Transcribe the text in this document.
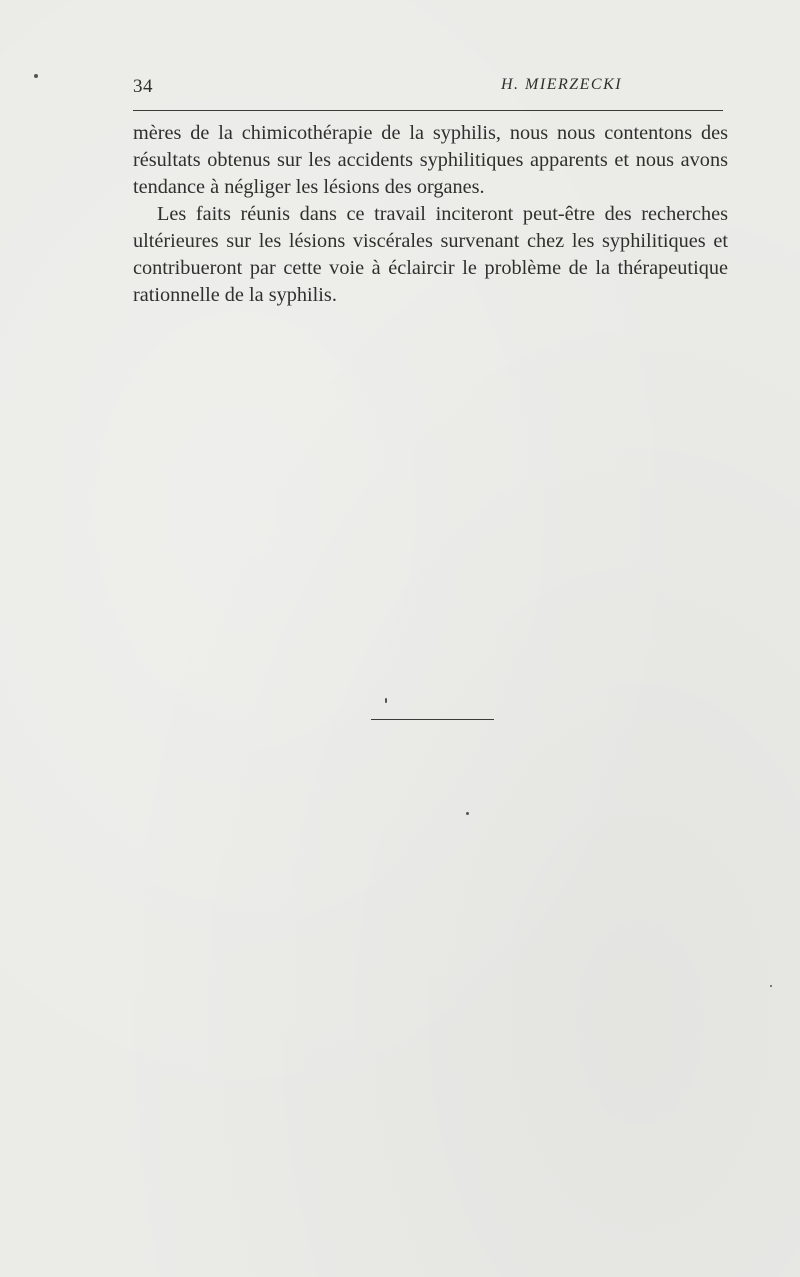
34	H. MIERZECKI

mères de la chimicothérapie de la syphilis, nous nous contentons des résultats obtenus sur les accidents syphilitiques apparents et nous avons tendance à négliger les lésions des organes.

Les faits réunis dans ce travail inciteront peut-être des recherches ultérieures sur les lésions viscérales survenant chez les syphilitiques et contribueront par cette voie à éclaircir le problème de la thérapeutique rationnelle de la syphilis.
